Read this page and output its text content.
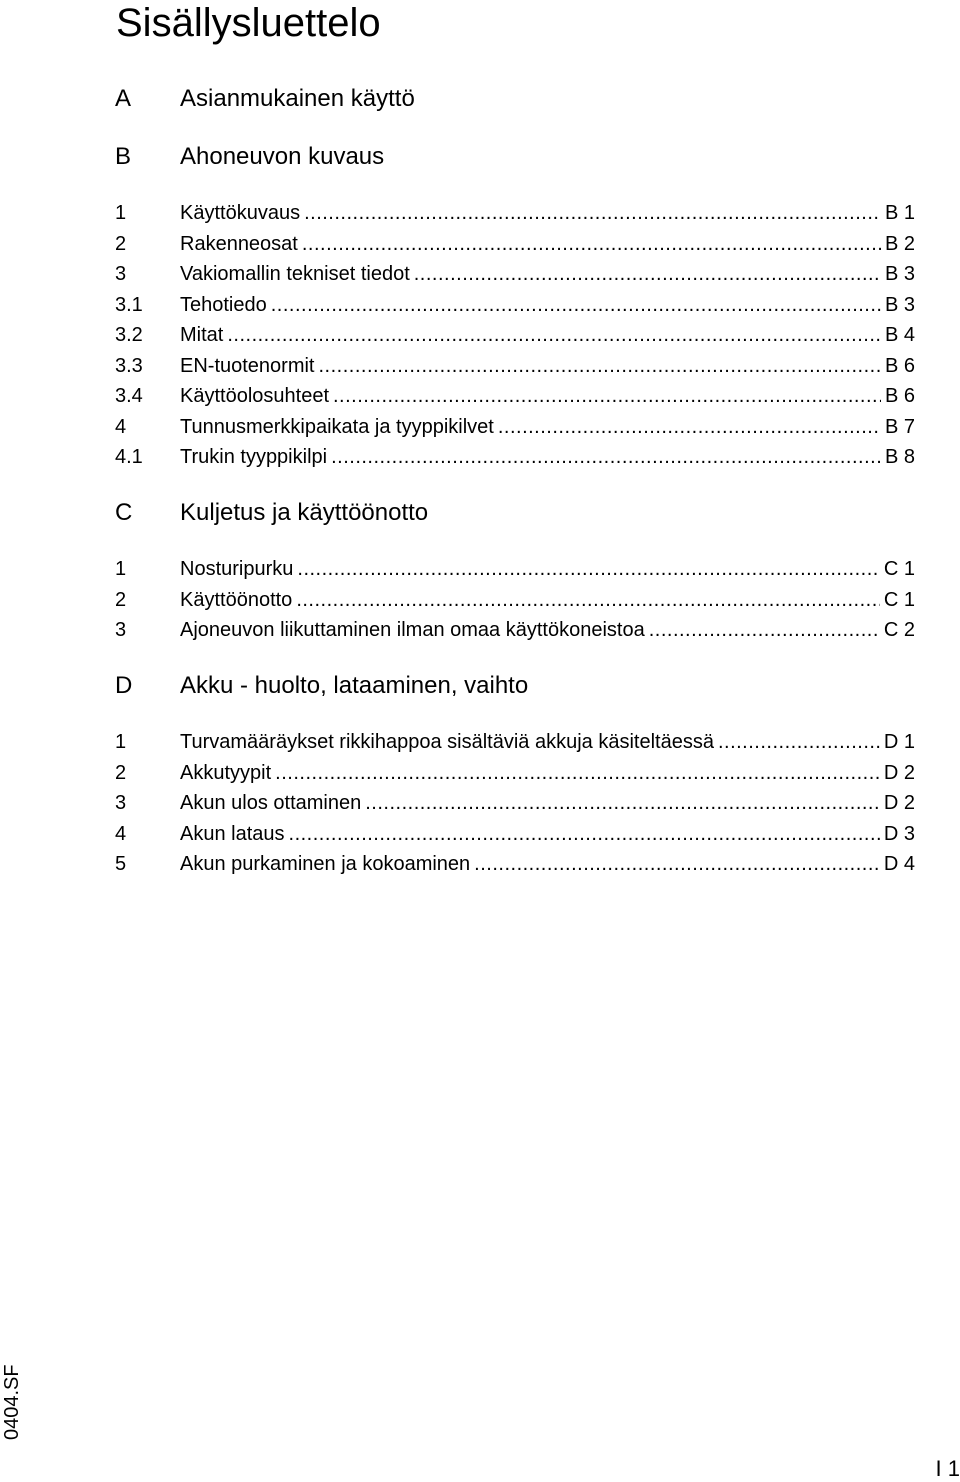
Sisällysluettelo
A Asianmukainen käyttö
B Ahoneuvon kuvaus
1	Käyttökuvaus .....	B 1
2	Rakenneosat .....	B 2
3	Vakiomallin tekniset tiedot .....	B 3
3.1 Tehotiedo .....	B 3
3.2 Mitat .....	B 4
3.3 EN-tuotenormit .....	B 6
3.4 Käyttöolosuhteet .....	B 6
4	Tunnusmerkkipaikata ja tyyppikilvet .....	B 7
4.1 Trukin tyyppikilpi .....	B 8
C Kuljetus ja käyttöönotto
1	Nosturipurku .....	C 1
2	Käyttöönotto .....	C 1
3	Ajoneuvon liikuttaminen ilman omaa käyttökoneistoa .....	C 2
D Akku - huolto, lataaminen, vaihto
1	Turvamääräykset rikkihappoa sisältäviä akkuja käsiteltäessä .....	D 1
2	Akkutyypit .....	D 2
3	Akun ulos ottaminen .....	D 2
4	Akun lataus .....	D 3
5	Akun purkaminen ja kokoaminen .....	D 4
0404.SF
I 1
